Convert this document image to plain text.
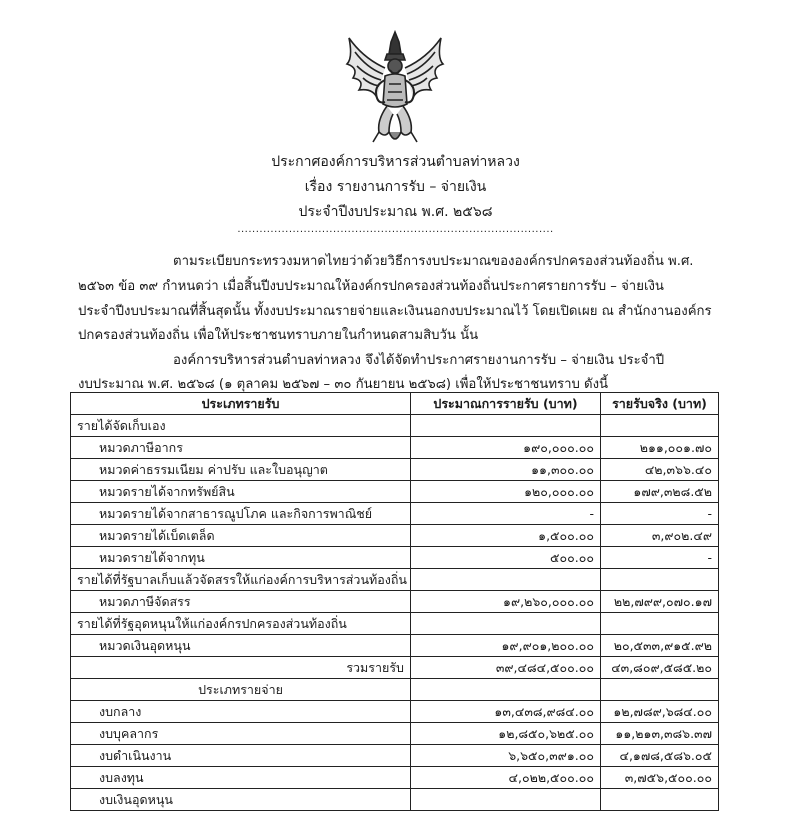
ประกาศองค์การบริหารส่วนตำบลท่าหลวง
เรื่อง รายงานการรับ – จ่ายเงิน
ประจำปีงบประมาณ พ.ศ. ๒๕๖๘
......................................................................................
ตามระเบียบกระทรวงมหาดไทยว่าด้วยวิธีการงบประมาณขององค์กรปกครองส่วนท้องถิ่น พ.ศ.
๒๕๖๓ ข้อ ๓๙ กำหนดว่า เมื่อสิ้นปีงบประมาณให้องค์กรปกครองส่วนท้องถิ่นประกาศรายการรับ – จ่ายเงิน
ประจำปีงบประมาณที่สิ้นสุดนั้น ทั้งงบประมาณรายจ่ายและเงินนอกงบประมาณไว้ โดยเปิดเผย ณ สำนักงานองค์กร
ปกครองส่วนท้องถิ่น เพื่อให้ประชาชนทราบภายในกำหนดสามสิบวัน นั้น
องค์การบริหารส่วนตำบลท่าหลวง จึงได้จัดทำประกาศรายงานการรับ – จ่ายเงิน ประจำปี
งบประมาณ พ.ศ. ๒๕๖๘ (๑ ตุลาคม ๒๕๖๗ – ๓๐ กันยายน ๒๕๖๘) เพื่อให้ประชาชนทราบ ดังนี้
ประเภทรายรับ	ประมาณการรายรับ (บาท)	รายรับจริง (บาท)
รายได้จัดเก็บเอง		
หมวดภาษีอากร	๑๙๐,๐๐๐.๐๐	๒๑๑,๐๐๑.๗๐
หมวดค่าธรรมเนียม ค่าปรับ และใบอนุญาต	๑๑,๓๐๐.๐๐	๔๒,๓๖๖.๔๐
หมวดรายได้จากทรัพย์สิน	๑๒๐,๐๐๐.๐๐	๑๗๙,๓๒๘.๕๒
หมวดรายได้จากสาธารณูปโภค และกิจการพาณิชย์	-	-
หมวดรายได้เบ็ดเตล็ด	๑,๕๐๐.๐๐	๓,๙๐๒.๔๙
หมวดรายได้จากทุน	๕๐๐.๐๐	-
รายได้ที่รัฐบาลเก็บแล้วจัดสรรให้แก่องค์การบริหารส่วนท้องถิ่น		
หมวดภาษีจัดสรร	๑๙,๒๖๐,๐๐๐.๐๐	๒๒,๗๙๙,๐๗๐.๑๗
รายได้ที่รัฐอุดหนุนให้แก่องค์กรปกครองส่วนท้องถิ่น		
หมวดเงินอุดหนุน	๑๙,๙๐๑,๒๐๐.๐๐	๒๐,๕๓๓,๙๑๕.๙๒
รวมรายรับ	๓๙,๔๘๔,๕๐๐.๐๐	๔๓,๘๐๙,๕๘๕.๒๐
ประเภทรายจ่าย		
งบกลาง	๑๓,๔๓๘,๙๘๔.๐๐	๑๒,๗๘๙,๖๘๔.๐๐
งบบุคลากร	๑๒,๘๕๐,๖๒๕.๐๐	๑๑,๒๑๓,๓๘๖.๓๗
งบดำเนินงาน	๖,๖๕๐,๓๙๑.๐๐	๔,๑๗๘,๕๘๖.๐๕
งบลงทุน	๔,๐๒๒,๕๐๐.๐๐	๓,๗๕๖,๕๐๐.๐๐
งบเงินอุดหนุน		
